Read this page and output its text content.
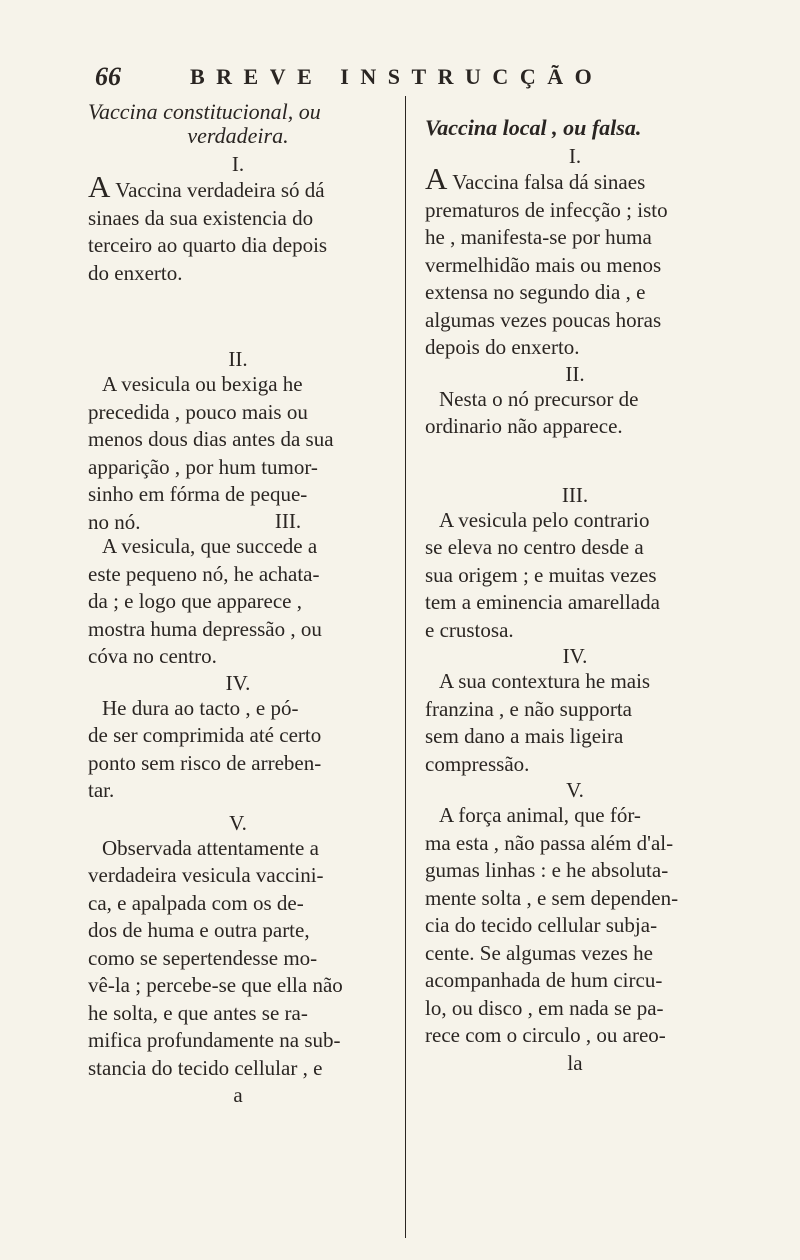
66	BREVE INSTRUCÇÃO

Vaccina constitucional, ou
verdadeira.

I.

A Vaccina verdadeira só dá
sinaes da sua existencia do
terceiro ao quarto dia depois
do enxerto.

II.

A vesicula ou bexiga he
precedida , pouco mais ou
menos dous dias antes da sua
apparição , por hum tumor-
sinho em fórma de peque-
no nó.	III.

A vesicula, que succede a
este pequeno nó, he achata-
da ; e logo que apparece ,
mostra huma depressão , ou
cóva no centro.

IV.

He dura ao tacto , e pó-
de ser comprimida até certo
ponto sem risco de arreben-
tar.

V.

Observada attentamente a
verdadeira vesicula vaccini-
ca, e apalpada com os de-
dos de huma e outra parte,
como se sepertendesse mo-
vê-la ; percebe-se que ella não
he solta, e que antes se ra-
mifica profundamente na sub-
stancia do tecido cellular , e

a

Vaccina local , ou falsa.

I.

A Vaccina falsa dá sinaes
prematuros de infecção ; isto
he , manifesta-se por huma
vermelhidão mais ou menos
extensa no segundo dia , e
algumas vezes poucas horas
depois do enxerto.

II.

Nesta o nó precursor de
ordinario não apparece.

III.

A vesicula pelo contrario
se eleva no centro desde a
sua origem ; e muitas vezes
tem a eminencia amarellada
e crustosa.

IV.

A sua contextura he mais
franzina , e não supporta
sem dano a mais ligeira
compressão.

V.

A força animal, que fór-
ma esta , não passa além d'al-
gumas linhas : e he absoluta-
mente solta , e sem dependen-
cia do tecido cellular subja-
cente. Se algumas vezes he
acompanhada de hum circu-
lo, ou disco , em nada se pa-
rece com o circulo , ou areo-

la
